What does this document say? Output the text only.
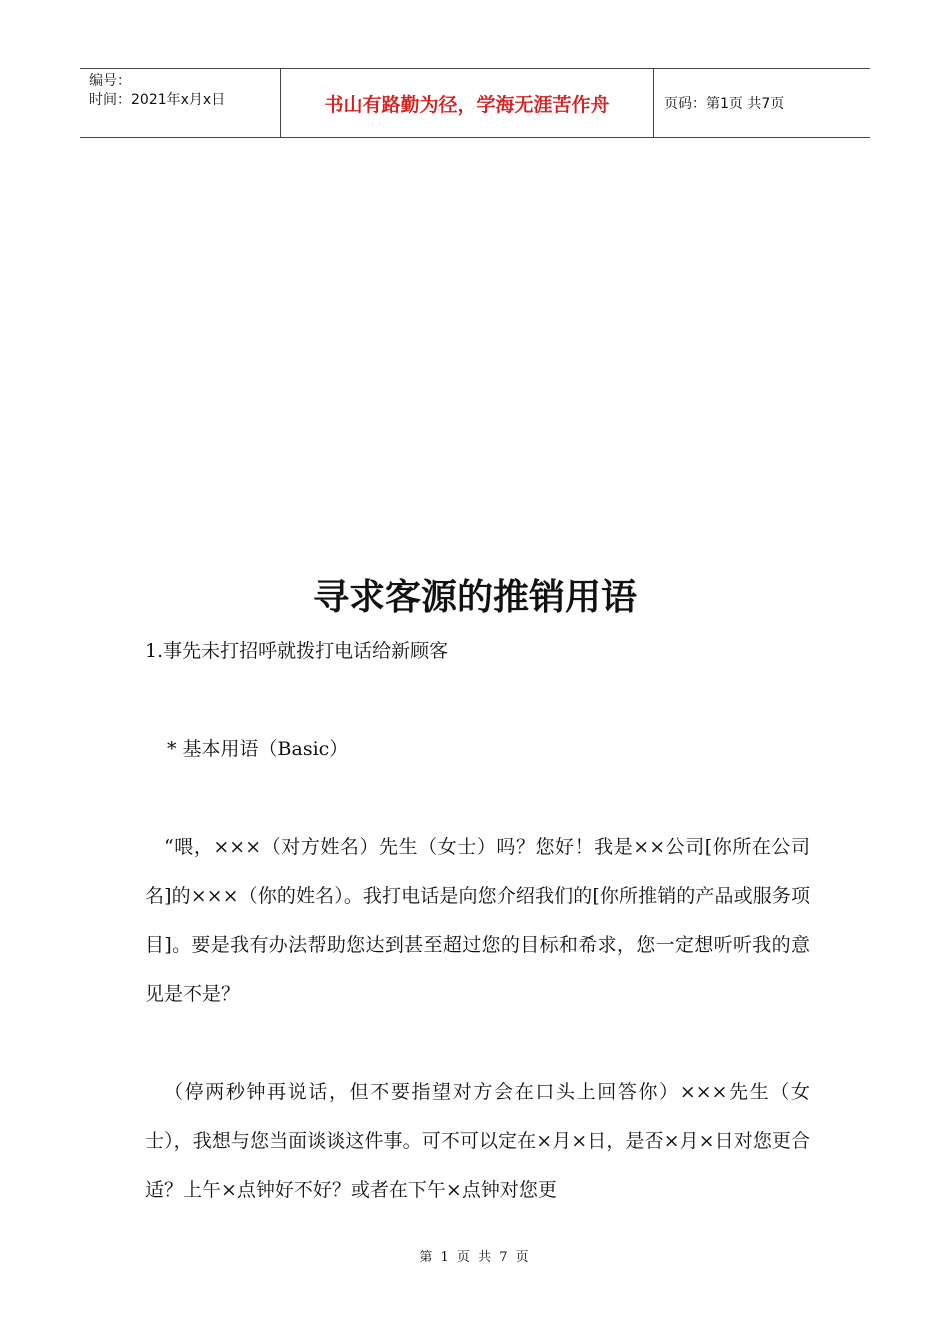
编号：
时间：2021年x月x日	书山有路勤为径，学海无涯苦作舟	页码：第1页 共7页
寻求客源的推销用语

1.事先未打招呼就拨打电话给新顾客

* 基本用语（Basic）

“喂，×××（对方姓名）先生（女士）吗？您好！我是××公司[你所在公司名]的×××（你的姓名）。我打电话是向您介绍我们的[你所推销的产品或服务项目]。要是我有办法帮助您达到甚至超过您的目标和希求，您一定想听听我的意见是不是？

（停两秒钟再说话，但不要指望对方会在口头上回答你）×××先生（女士），我想与您当面谈谈这件事。可不可以定在×月×日，是否×月×日对您更合适？上午×点钟好不好？或者在下午×点钟对您更

第 1 页 共 7 页
